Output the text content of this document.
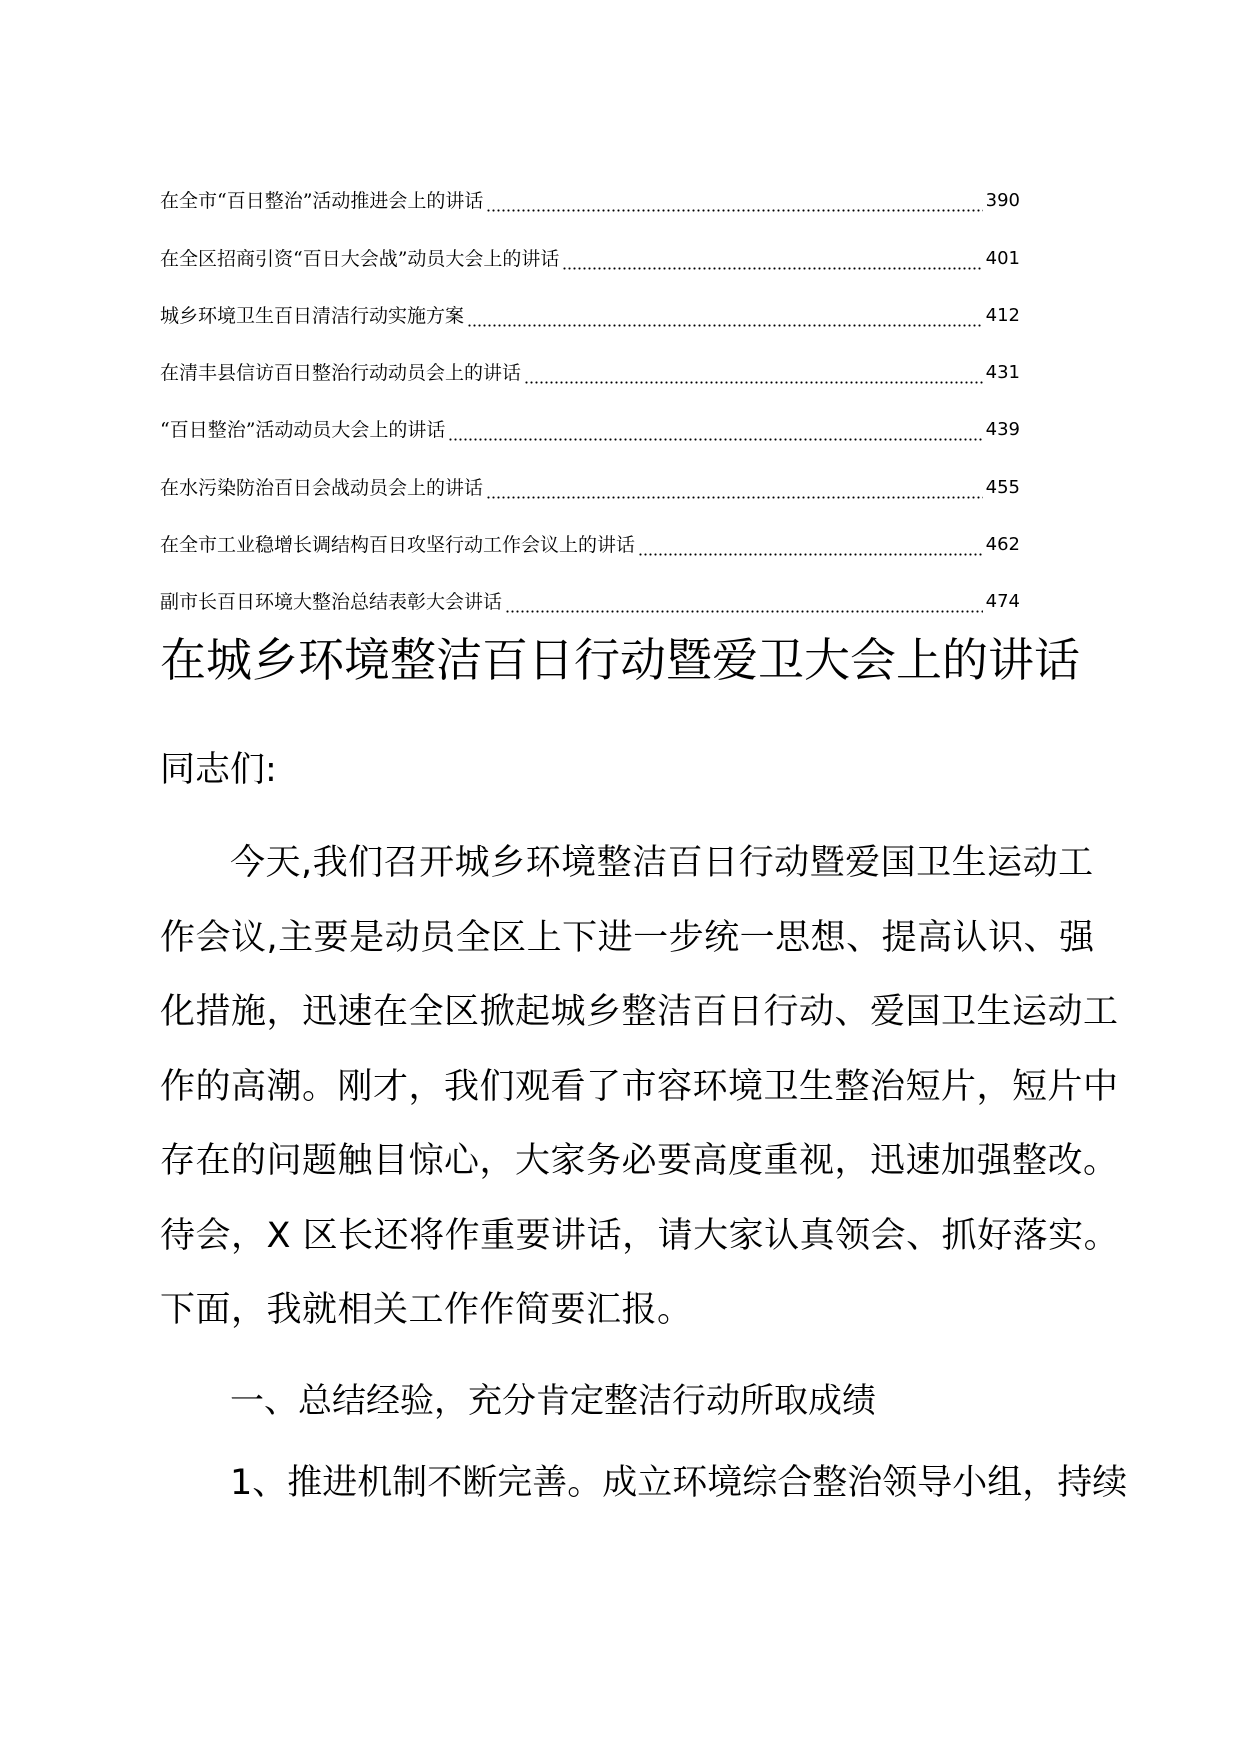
在全市“百日整治”活动推进会上的讲话	390
在全区招商引资“百日大会战”动员大会上的讲话	401
城乡环境卫生百日清洁行动实施方案	412
在清丰县信访百日整治行动动员会上的讲话	431
“百日整治”活动动员大会上的讲话	439
在水污染防治百日会战动员会上的讲话	455
在全市工业稳增长调结构百日攻坚行动工作会议上的讲话	462
副市长百日环境大整治总结表彰大会讲话	474
在城乡环境整洁百日行动暨爱卫大会上的讲话
同志们:

今天,我们召开城乡环境整洁百日行动暨爱国卫生运动工作会议,主要是动员全区上下进一步统一思想、提高认识、强化措施，迅速在全区掀起城乡整洁百日行动、爱国卫生运动工作的高潮。刚才，我们观看了市容环境卫生整治短片，短片中存在的问题触目惊心，大家务必要高度重视，迅速加强整改。待会，X 区长还将作重要讲话，请大家认真领会、抓好落实。下面，我就相关工作作简要汇报。

一、总结经验，充分肯定整洁行动所取成绩
1、推进机制不断完善。成立环境综合整治领导小组，持续
